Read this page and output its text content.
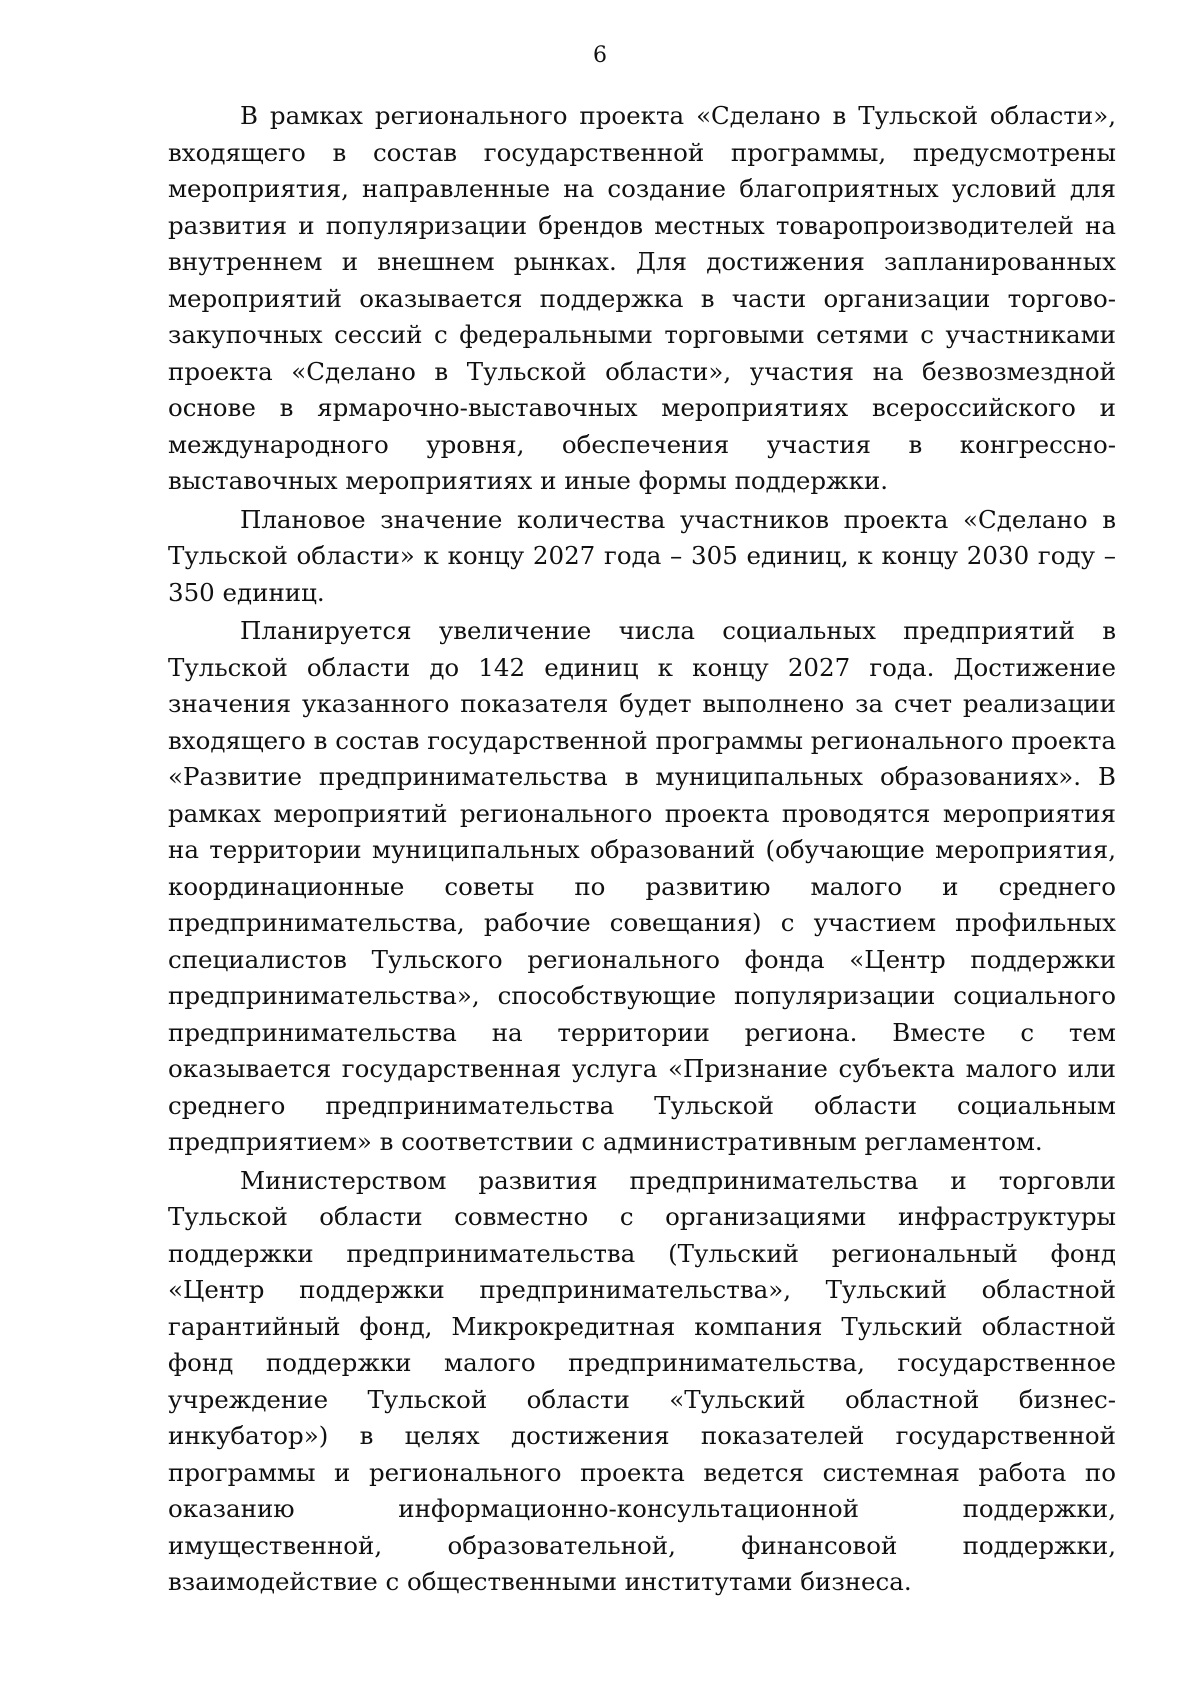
6

В рамках регионального проекта «Сделано в Тульской области», входящего в состав государственной программы, предусмотрены мероприятия, направленные на создание благоприятных условий для развития и популяризации брендов местных товаропроизводителей на внутреннем и внешнем рынках. Для достижения запланированных мероприятий оказывается поддержка в части организации торгово-закупочных сессий с федеральными торговыми сетями с участниками проекта «Сделано в Тульской области», участия на безвозмездной основе в ярмарочно-выставочных мероприятиях всероссийского и международного уровня, обеспечения участия в конгрессно-выставочных мероприятиях и иные формы поддержки.

Плановое значение количества участников проекта «Сделано в Тульской области» к концу 2027 года – 305 единиц, к концу 2030 году – 350 единиц.

Планируется увеличение числа социальных предприятий в Тульской области до 142 единиц к концу 2027 года. Достижение значения указанного показателя будет выполнено за счет реализации входящего в состав государственной программы регионального проекта «Развитие предпринимательства в муниципальных образованиях». В рамках мероприятий регионального проекта проводятся мероприятия на территории муниципальных образований (обучающие мероприятия, координационные советы по развитию малого и среднего предпринимательства, рабочие совещания) с участием профильных специалистов Тульского регионального фонда «Центр поддержки предпринимательства», способствующие популяризации социального предпринимательства на территории региона. Вместе с тем оказывается государственная услуга «Признание субъекта малого или среднего предпринимательства Тульской области социальным предприятием» в соответствии с административным регламентом.

Министерством развития предпринимательства и торговли Тульской области совместно с организациями инфраструктуры поддержки предпринимательства (Тульский региональный фонд «Центр поддержки предпринимательства», Тульский областной гарантийный фонд, Микрокредитная компания Тульский областной фонд поддержки малого предпринимательства, государственное учреждение Тульской области «Тульский областной бизнес-инкубатор») в целях достижения показателей государственной программы и регионального проекта ведется системная работа по оказанию информационно-консультационной поддержки, имущественной, образовательной, финансовой поддержки, взаимодействие с общественными институтами бизнеса.
